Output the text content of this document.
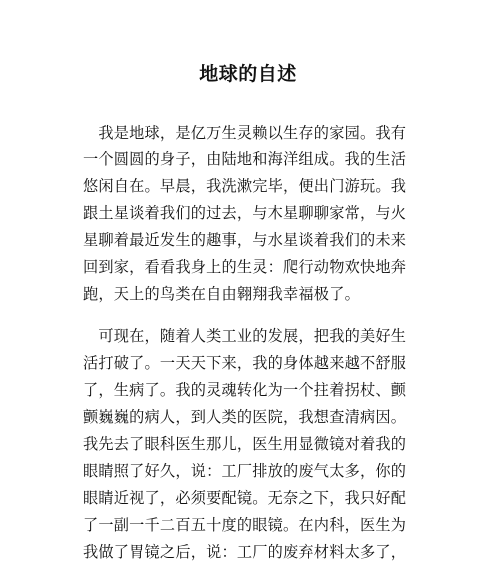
地球的自述
　我是地球，是亿万生灵赖以生存的家园。我有
一个圆圆的身子，由陆地和海洋组成。我的生活
悠闲自在。早晨，我洗漱完毕，便出门游玩。我
跟土星谈着我们的过去，与木星聊聊家常，与火
星聊着最近发生的趣事，与水星谈着我们的未来
回到家，看看我身上的生灵：爬行动物欢快地奔
跑，天上的鸟类在自由翱翔我幸福极了。
　可现在，随着人类工业的发展，把我的美好生
活打破了。一天天下来，我的身体越来越不舒服
了，生病了。我的灵魂转化为一个拄着拐杖、颤
颤巍巍的病人，到人类的医院，我想查清病因。
我先去了眼科医生那儿，医生用显微镜对着我的
眼睛照了好久，说：工厂排放的废气太多，你的
眼睛近视了，必须要配镜。无奈之下，我只好配
了一副一千二百五十度的眼镜。在内科，医生为
我做了胃镜之后，说：工厂的废弃材料太多了，
